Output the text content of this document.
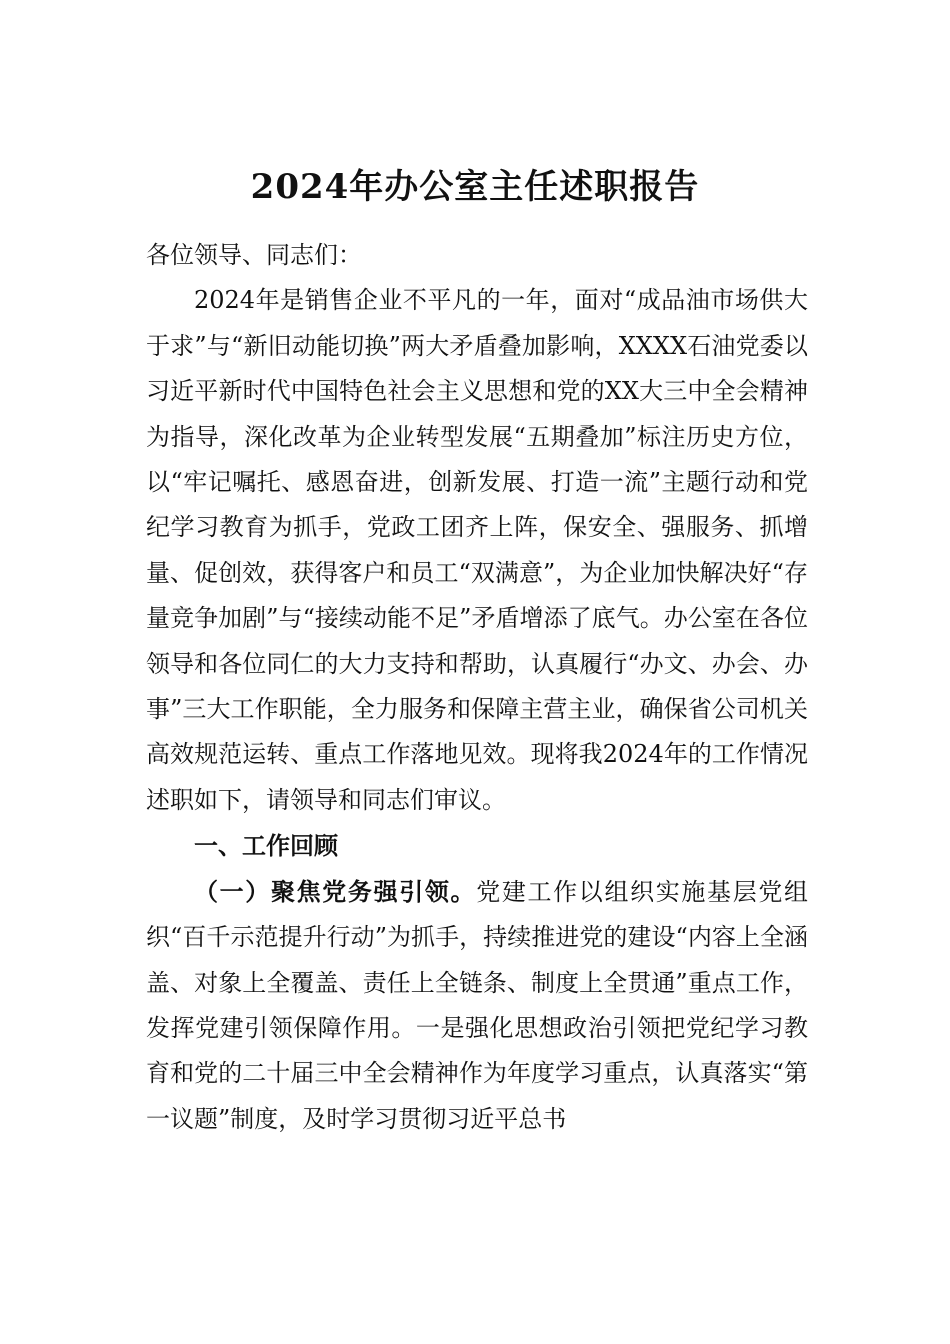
2024年办公室主任述职报告

各位领导、同志们：

2024年是销售企业不平凡的一年，面对“成品油市场供大于求”与“新旧动能切换”两大矛盾叠加影响，XXXX石油党委以习近平新时代中国特色社会主义思想和党的XX大三中全会精神为指导，深化改革为企业转型发展“五期叠加”标注历史方位，以“牢记嘱托、感恩奋进，创新发展、打造一流”主题行动和党纪学习教育为抓手，党政工团齐上阵，保安全、强服务、抓增量、促创效，获得客户和员工“双满意”，为企业加快解决好“存量竞争加剧”与“接续动能不足”矛盾增添了底气。办公室在各位领导和各位同仁的大力支持和帮助，认真履行“办文、办会、办事”三大工作职能，全力服务和保障主营主业，确保省公司机关高效规范运转、重点工作落地见效。现将我2024年的工作情况述职如下，请领导和同志们审议。

一、工作回顾

（一）聚焦党务强引领。党建工作以组织实施基层党组织“百千示范提升行动”为抓手，持续推进党的建设“内容上全涵盖、对象上全覆盖、责任上全链条、制度上全贯通”重点工作，发挥党建引领保障作用。一是强化思想政治引领把党纪学习教育和党的二十届三中全会精神作为年度学习重点，认真落实“第一议题”制度，及时学习贯彻习近平总书
